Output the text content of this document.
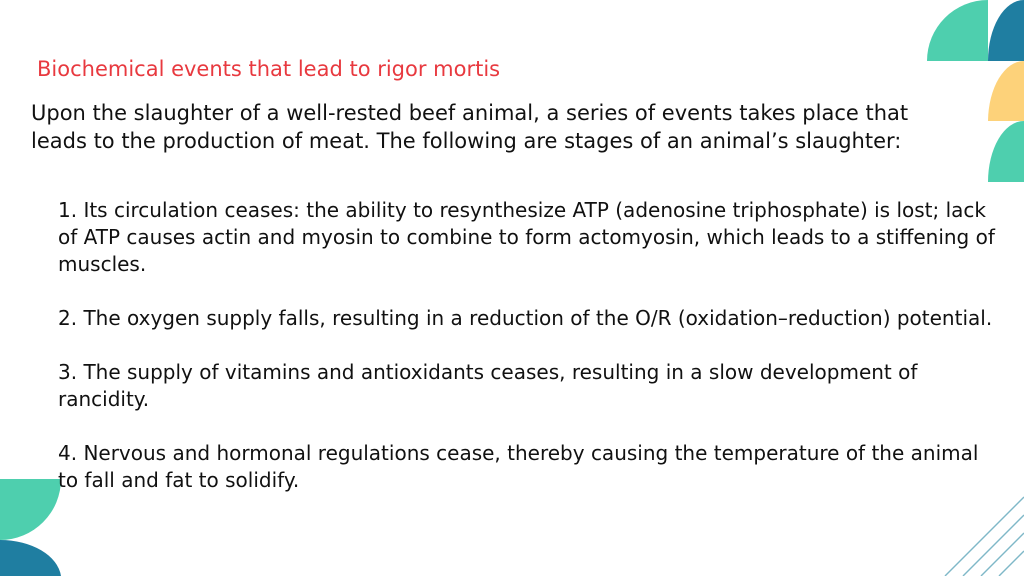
Biochemical events that lead to rigor mortis
Upon the slaughter of a well-rested beef animal, a series of events takes place that leads to the production of meat. The following are stages of an animal’s slaughter:
1. Its circulation ceases: the ability to resynthesize ATP (adenosine triphosphate) is lost; lack of ATP causes actin and myosin to combine to form actomyosin, which leads to a stiffening of muscles.
2. The oxygen supply falls, resulting in a reduction of the O/R (oxidation–reduction) potential.
3. The supply of vitamins and antioxidants ceases, resulting in a slow development of rancidity.
4. Nervous and hormonal regulations cease, thereby causing the temperature of the animal to fall and fat to solidify.
